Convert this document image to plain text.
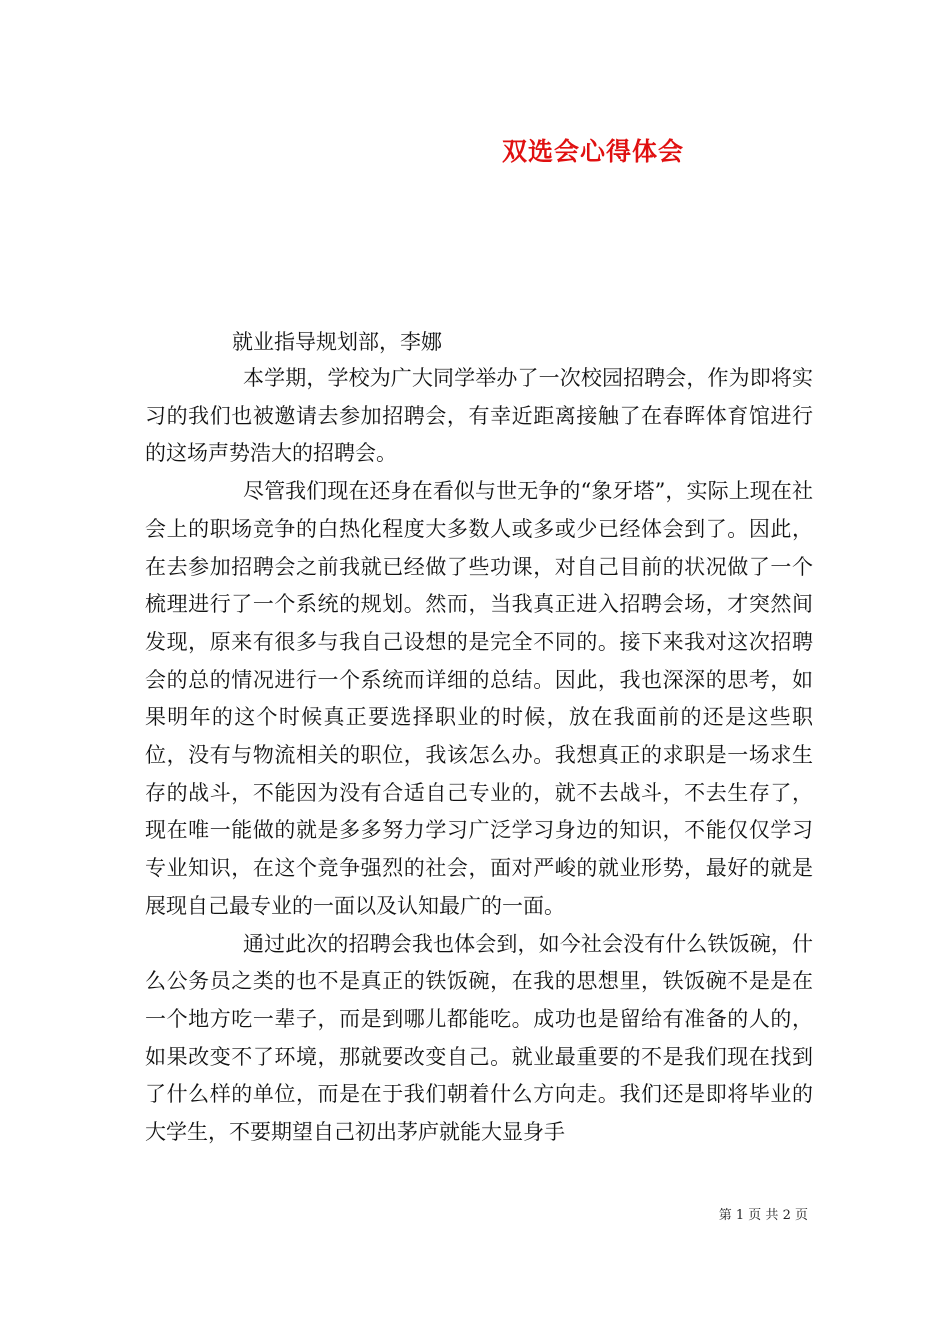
双选会心得体会

就业指导规划部，李娜

本学期，学校为广大同学举办了一次校园招聘会，作为即将实习的我们也被邀请去参加招聘会，有幸近距离接触了在春晖体育馆进行的这场声势浩大的招聘会。

尽管我们现在还身在看似与世无争的“象牙塔”，实际上现在社会上的职场竞争的白热化程度大多数人或多或少已经体会到了。因此，在去参加招聘会之前我就已经做了些功课，对自己目前的状况做了一个梳理进行了一个系统的规划。然而，当我真正进入招聘会场，才突然间发现，原来有很多与我自己设想的是完全不同的。接下来我对这次招聘会的总的情况进行一个系统而详细的总结。因此，我也深深的思考，如果明年的这个时候真正要选择职业的时候，放在我面前的还是这些职位，没有与物流相关的职位，我该怎么办。我想真正的求职是一场求生存的战斗，不能因为没有合适自己专业的，就不去战斗，不去生存了，现在唯一能做的就是多多努力学习广泛学习身边的知识，不能仅仅学习专业知识，在这个竞争强烈的社会，面对严峻的就业形势，最好的就是展现自己最专业的一面以及认知最广的一面。

通过此次的招聘会我也体会到，如今社会没有什么铁饭碗，什么公务员之类的也不是真正的铁饭碗，在我的思想里，铁饭碗不是是在一个地方吃一辈子，而是到哪儿都能吃。成功也是留给有准备的人的，如果改变不了环境，那就要改变自己。就业最重要的不是我们现在找到了什么样的单位，而是在于我们朝着什么方向走。我们还是即将毕业的大学生，不要期望自己初出茅庐就能大显身手

第 1 页 共 2 页
